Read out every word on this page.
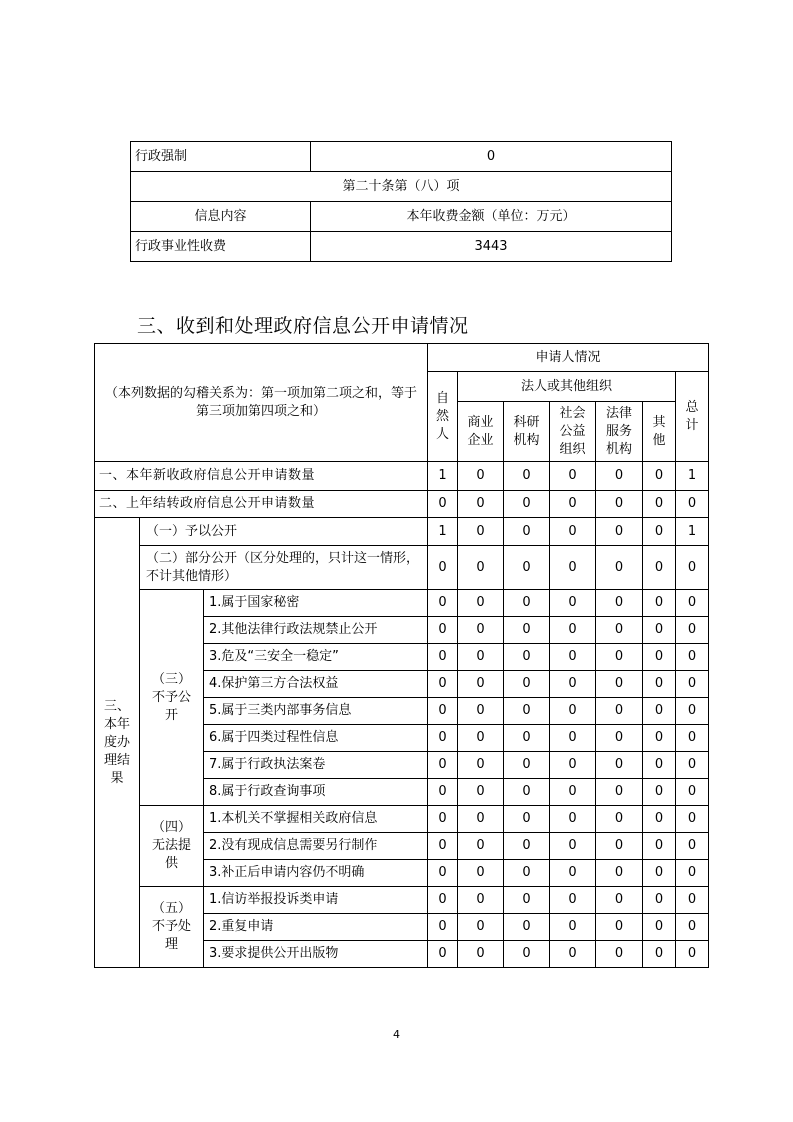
行政强制	0
第二十条第（八）项	
信息内容	本年收费金额（单位：万元）
行政事业性收费	3443
三、收到和处理政府信息公开申请情况
（本列数据的勾稽关系为：第一项加第二项之和，等于第三项加第四项之和）			申请人情况						
			自然人	法人或其他组织					总计
				商业企业	科研机构	社会公益组织	法律服务机构	其他	
一、本年新收政府信息公开申请数量			1	0	0	0	0	0	1
二、上年结转政府信息公开申请数量			0	0	0	0	0	0	0
三、本年度办理结果	（一）予以公开		1	0	0	0	0	0	1
	（二）部分公开（区分处理的，只计这一情形，不计其他情形）		0	0	0	0	0	0	0
	（三）不予公开	1.属于国家秘密	0	0	0	0	0	0	0
		2.其他法律行政法规禁止公开	0	0	0	0	0	0	0
		3.危及“三安全一稳定”	0	0	0	0	0	0	0
		4.保护第三方合法权益	0	0	0	0	0	0	0
		5.属于三类内部事务信息	0	0	0	0	0	0	0
		6.属于四类过程性信息	0	0	0	0	0	0	0
		7.属于行政执法案卷	0	0	0	0	0	0	0
		8.属于行政查询事项	0	0	0	0	0	0	0
	（四）无法提供	1.本机关不掌握相关政府信息	0	0	0	0	0	0	0
		2.没有现成信息需要另行制作	0	0	0	0	0	0	0
		3.补正后申请内容仍不明确	0	0	0	0	0	0	0
	（五）不予处理	1.信访举报投诉类申请	0	0	0	0	0	0	0
		2.重复申请	0	0	0	0	0	0	0
		3.要求提供公开出版物	0	0	0	0	0	0	0
4
